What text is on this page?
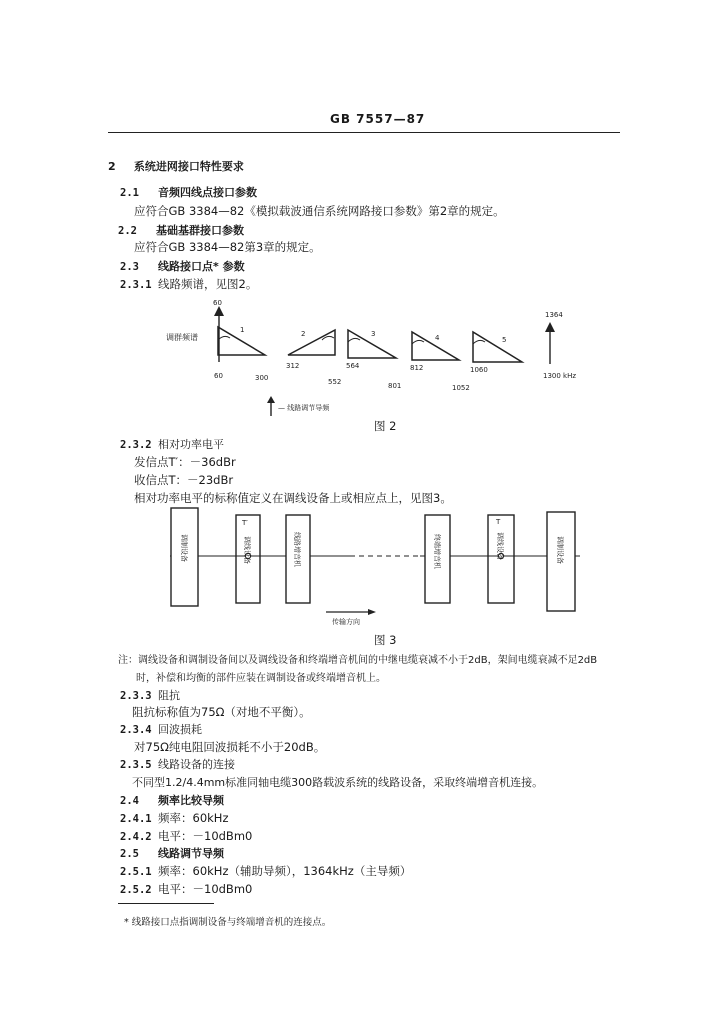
GB 7557—87
2 系统进网接口特性要求
2.1 音频四线点接口参数
应符合GB 3384—82《模拟载波通信系统网路接口参数》第2章的规定。
2.2 基础基群接口参数
应符合GB 3384—82第3章的规定。
2.3 线路接口点* 参数
2.3.1 线路频谱，见图2。
60
1364
调群频谱
1	2	3	4	5
60	300
312
552
564
801
812
1052
1060
1300 kHz
— 线路调节导频
图 2
2.3.2 相对功率电平
发信点T′：－36dBr
收信点T：－23dBr
相对功率电平的标称值定义在调线设备上或相应点上，见图3。
T′	T
调制设备	调线设备	线路增音机	终端增音机	调线设备	调制设备
传输方向
图 3
注：调线设备和调制设备间以及调线设备和终端增音机间的中继电缆衰减不小于2dB，架间电缆衰减不足2dB
时，补偿和均衡的部件应装在调制设备或终端增音机上。
2.3.3 阻抗
阻抗标称值为75Ω（对地不平衡）。
2.3.4 回波损耗
对75Ω纯电阻回波损耗不小于20dB。
2.3.5 线路设备的连接
不同型1.2/4.4mm标准同轴电缆300路载波系统的线路设备，采取终端增音机连接。
2.4 频率比较导频
2.4.1 频率：60kHz
2.4.2 电平：－10dBm0
2.5 线路调节导频
2.5.1 频率：60kHz（辅助导频），1364kHz（主导频）
2.5.2 电平：－10dBm0
* 线路接口点指调制设备与终端增音机的连接点。
